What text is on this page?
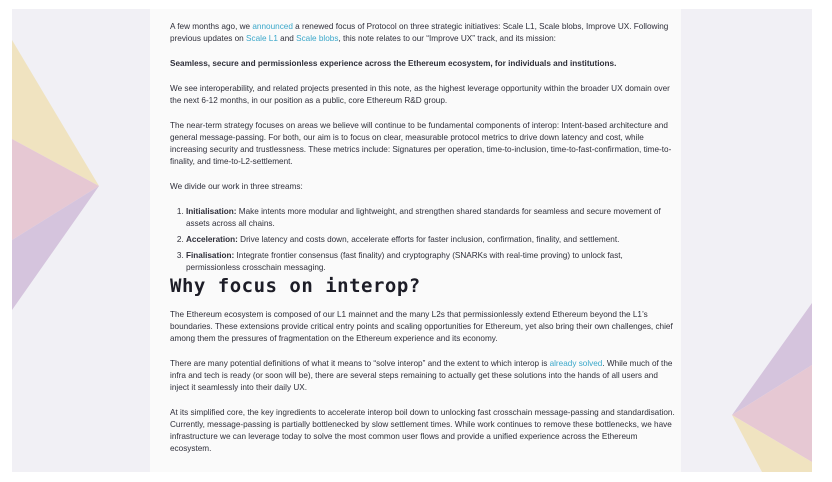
A few months ago, we announced a renewed focus of Protocol on three strategic initiatives: Scale L1, Scale blobs, Improve UX. Following previous updates on Scale L1 and Scale blobs, this note relates to our “Improve UX” track, and its mission:

Seamless, secure and permissionless experience across the Ethereum ecosystem, for individuals and institutions.

We see interoperability, and related projects presented in this note, as the highest leverage opportunity within the broader UX domain over the next 6-12 months, in our position as a public, core Ethereum R&D group.

The near-term strategy focuses on areas we believe will continue to be fundamental components of interop: Intent-based architecture and general message-passing. For both, our aim is to focus on clear, measurable protocol metrics to drive down latency and cost, while increasing security and trustlessness. These metrics include: Signatures per operation, time-to-inclusion, time-to-fast-confirmation, time-to-finality, and time-to-L2-settlement.

We divide our work in three streams:

1. Initialisation: Make intents more modular and lightweight, and strengthen shared standards for seamless and secure movement of assets across all chains.
2. Acceleration: Drive latency and costs down, accelerate efforts for faster inclusion, confirmation, finality, and settlement.
3. Finalisation: Integrate frontier consensus (fast finality) and cryptography (SNARKs with real-time proving) to unlock fast, permissionless crosschain messaging.
Why focus on interop?

The Ethereum ecosystem is composed of our L1 mainnet and the many L2s that permissionlessly extend Ethereum beyond the L1’s boundaries. These extensions provide critical entry points and scaling opportunities for Ethereum, yet also bring their own challenges, chief among them the pressures of fragmentation on the Ethereum experience and its economy.

There are many potential definitions of what it means to “solve interop” and the extent to which interop is already solved. While much of the infra and tech is ready (or soon will be), there are several steps remaining to actually get these solutions into the hands of all users and inject it seamlessly into their daily UX.

At its simplified core, the key ingredients to accelerate interop boil down to unlocking fast crosschain message-passing and standardisation. Currently, message-passing is partially bottlenecked by slow settlement times. While work continues to remove these bottlenecks, we have infrastructure we can leverage today to solve the most common user flows and provide a unified experience across the Ethereum ecosystem.
